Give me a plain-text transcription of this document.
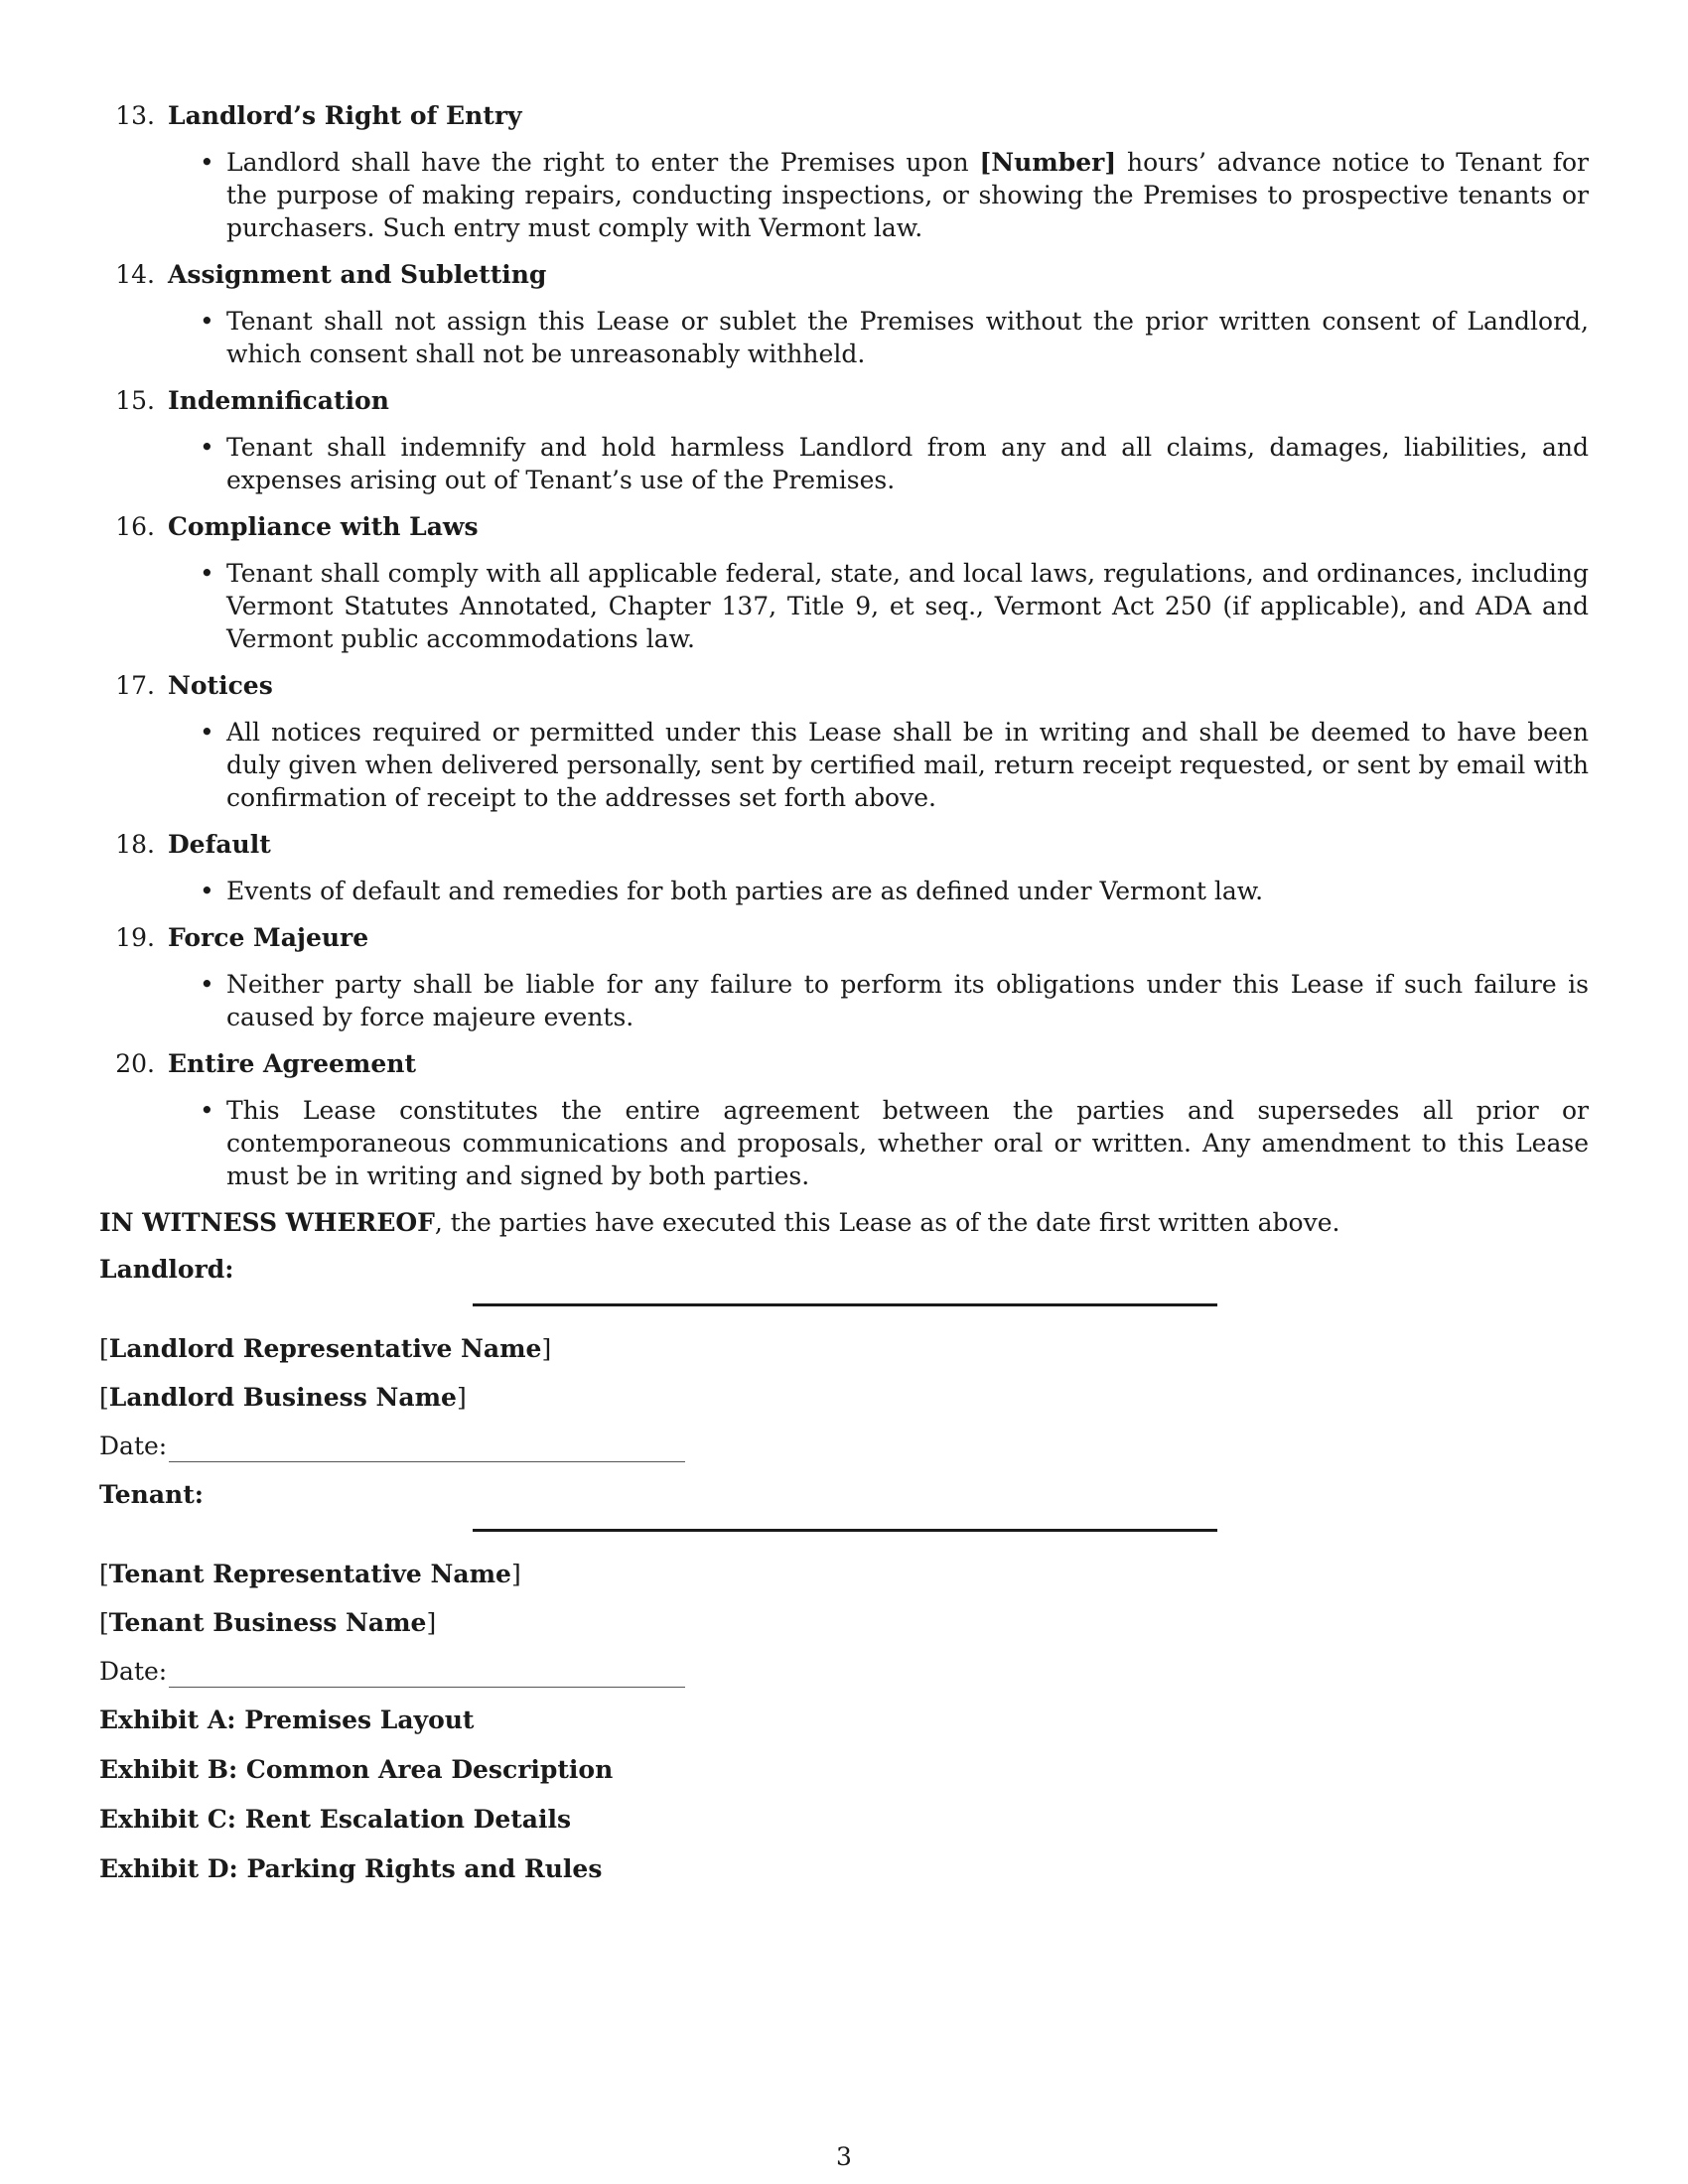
13. Landlord’s Right of Entry
• Landlord shall have the right to enter the Premises upon [Number] hours’ advance notice to Tenant for the purpose of making repairs, conducting inspections, or showing the Premises to prospective tenants or purchasers. Such entry must comply with Vermont law.
14. Assignment and Subletting
• Tenant shall not assign this Lease or sublet the Premises without the prior written consent of Landlord, which consent shall not be unreasonably withheld.
15. Indemnification
• Tenant shall indemnify and hold harmless Landlord from any and all claims, damages, liabilities, and expenses arising out of Tenant’s use of the Premises.
16. Compliance with Laws
• Tenant shall comply with all applicable federal, state, and local laws, regulations, and ordinances, including Vermont Statutes Annotated, Chapter 137, Title 9, et seq., Vermont Act 250 (if applicable), and ADA and Vermont public accommodations law.
17. Notices
• All notices required or permitted under this Lease shall be in writing and shall be deemed to have been duly given when delivered personally, sent by certified mail, return receipt requested, or sent by email with confirmation of receipt to the addresses set forth above.
18. Default
• Events of default and remedies for both parties are as defined under Vermont law.
19. Force Majeure
• Neither party shall be liable for any failure to perform its obligations under this Lease if such failure is caused by force majeure events.
20. Entire Agreement
• This Lease constitutes the entire agreement between the parties and supersedes all prior or contemporaneous communications and proposals, whether oral or written. Any amendment to this Lease must be in writing and signed by both parties.
IN WITNESS WHEREOF, the parties have executed this Lease as of the date first written above.
Landlord:
[Landlord Representative Name]
[Landlord Business Name]
Date:
Tenant:
[Tenant Representative Name]
[Tenant Business Name]
Date:
Exhibit A: Premises Layout
Exhibit B: Common Area Description
Exhibit C: Rent Escalation Details
Exhibit D: Parking Rights and Rules
3
